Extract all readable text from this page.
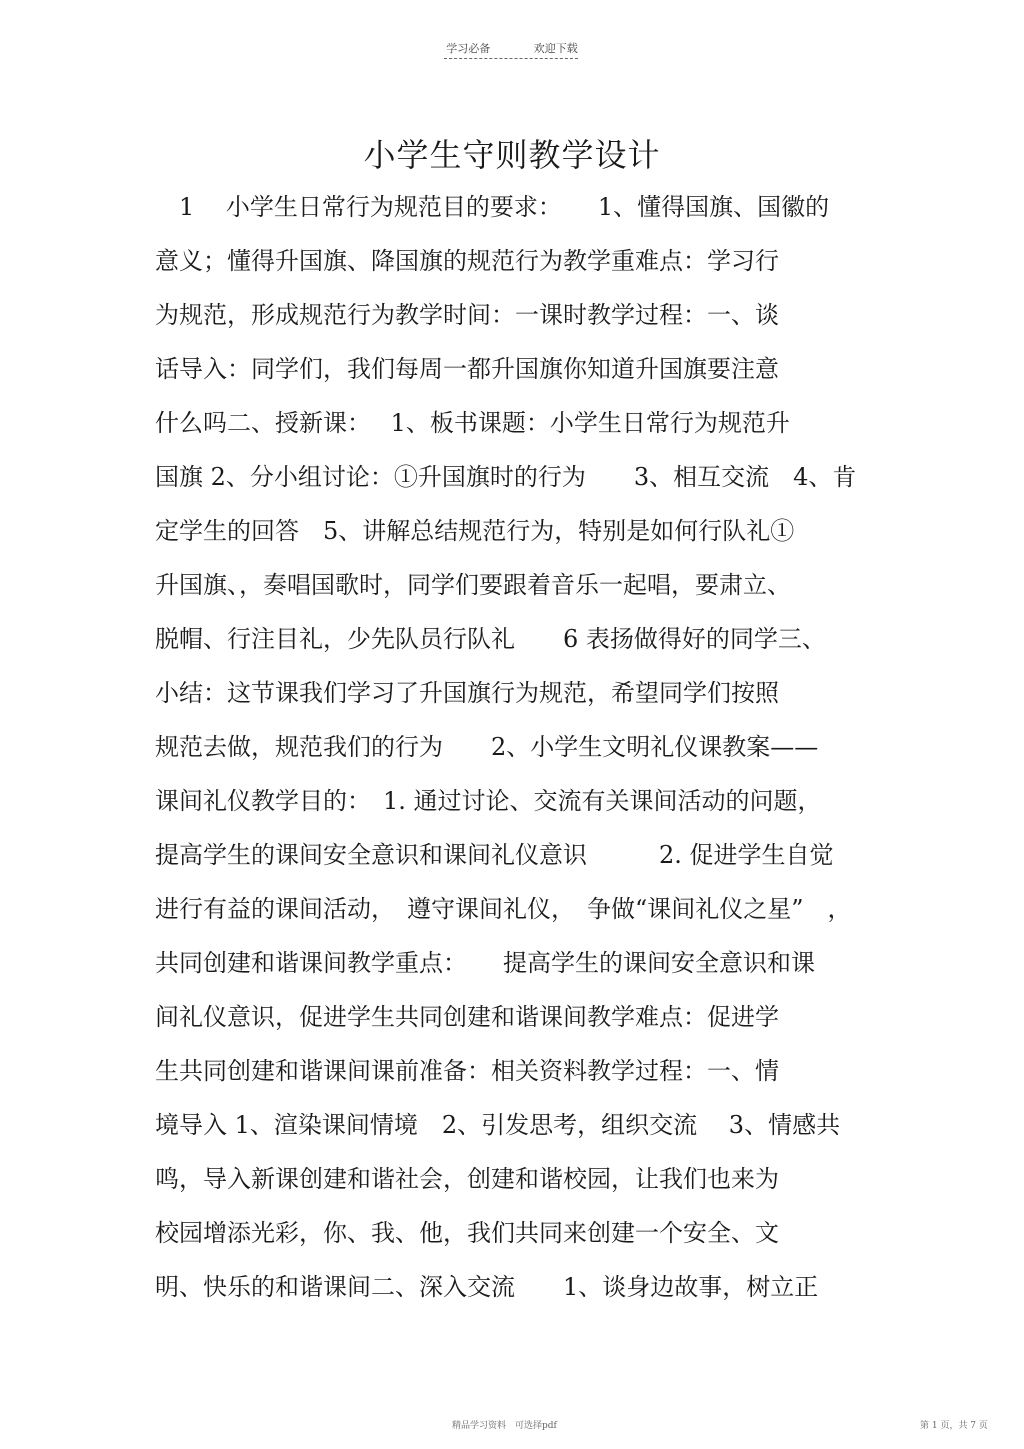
学习必备	欢迎下载
小学生守则教学设计
　1　 小学生日常行为规范目的要求：　　1、懂得国旗、国徽的
意义；懂得升国旗、降国旗的规范行为教学重难点：学习行
为规范，形成规范行为教学时间：一课时教学过程：一、谈
话导入：同学们，我们每周一都升国旗你知道升国旗要注意
什么吗二、授新课：　 1、板书课题：小学生日常行为规范升
国旗 2、分小组讨论：①升国旗时的行为　　3、相互交流　4、肯
定学生的回答　5、讲解总结规范行为，特别是如何行队礼①
升国旗、，奏唱国歌时，同学们要跟着音乐一起唱，要肃立、
脱帽、行注目礼，少先队员行队礼　　6 表扬做得好的同学三、
小结：这节课我们学习了升国旗行为规范，希望同学们按照
规范去做，规范我们的行为　　2、小学生文明礼仪课教案——
课间礼仪教学目的：　1. 通过讨论、交流有关课间活动的问题，
提高学生的课间安全意识和课间礼仪意识　　　2. 促进学生自觉
进行有益的课间活动，　遵守课间礼仪，　争做“课间礼仪之星”　，
共同创建和谐课间教学重点：　　提高学生的课间安全意识和课
间礼仪意识，促进学生共同创建和谐课间教学难点：促进学
生共同创建和谐课间课前准备：相关资料教学过程：一、情
境导入 1、渲染课间情境　2、引发思考，组织交流　 3、情感共
鸣，导入新课创建和谐社会，创建和谐校园，让我们也来为
校园增添光彩，你、我、他，我们共同来创建一个安全、文
明、快乐的和谐课间二、深入交流　　1、谈身边故事，树立正
精品学习资料　可选择pdf	第 1 页，共 7 页
